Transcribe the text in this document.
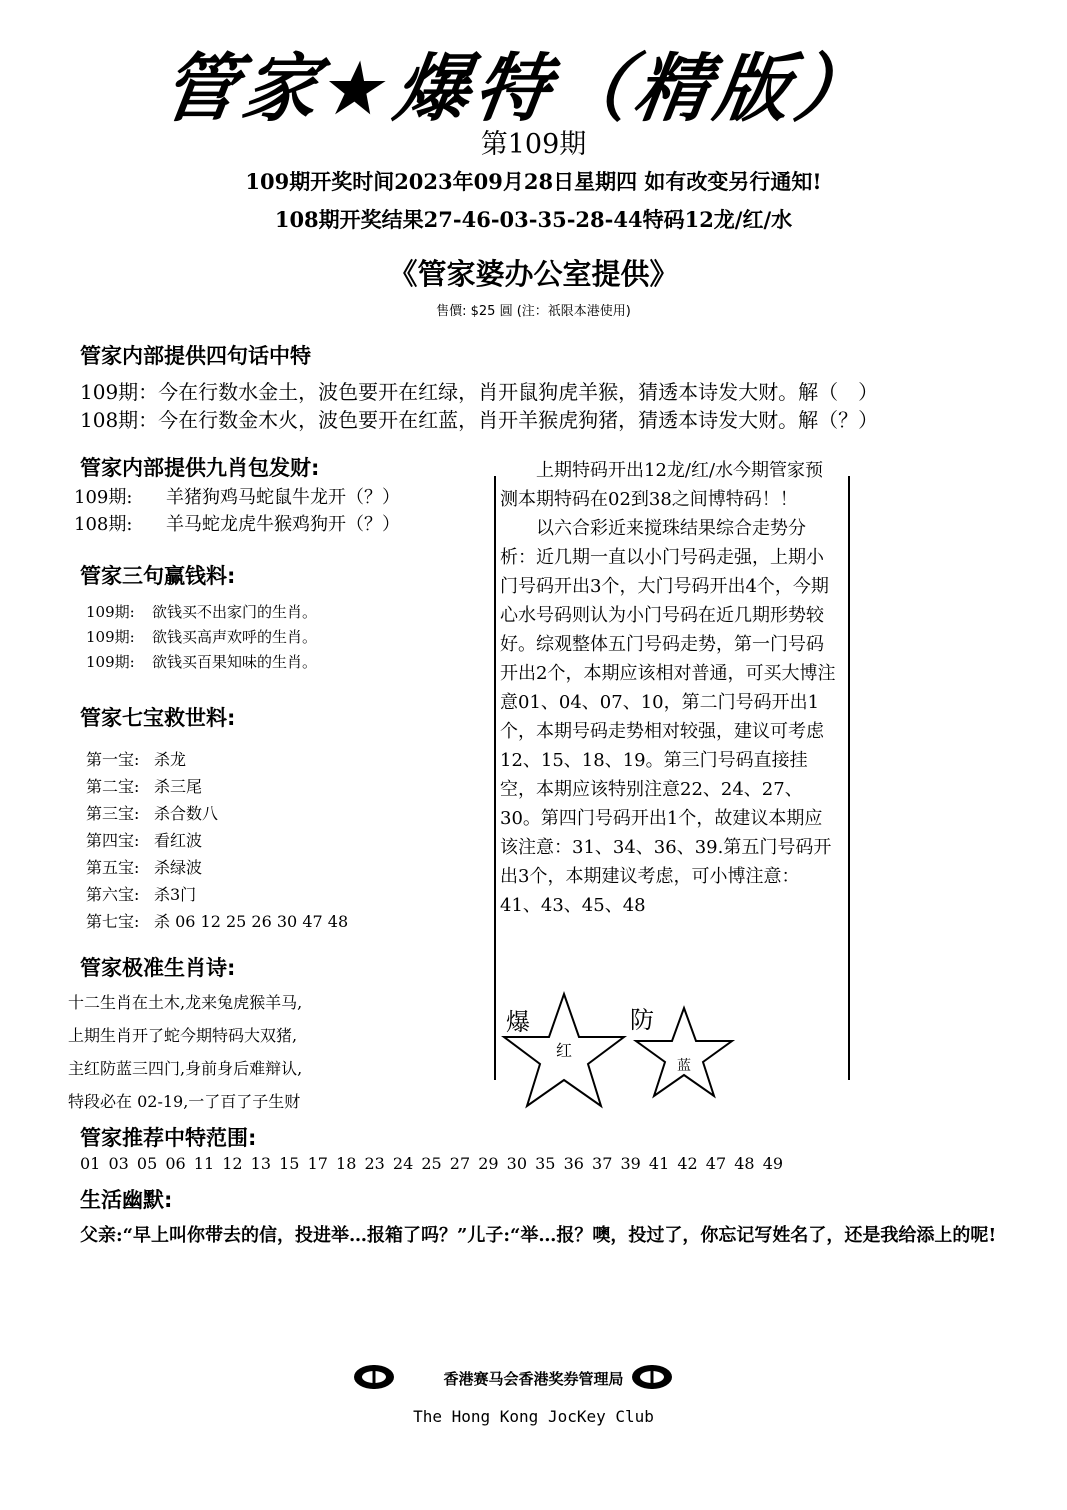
管家★爆特（精版）
第109期
109期开奖时间2023年09月28日星期四 如有改变另行通知!
108期开奖结果27-46-03-35-28-44特码12龙/红/水
《管家婆办公室提供》
售價: $25 圓 (注：祇限本港使用)
管家内部提供四句话中特
109期：今在行数水金土，波色要开在红绿，肖开鼠狗虎羊猴，猜透本诗发大财。解（　）
108期：今在行数金木火，波色要开在红蓝，肖开羊猴虎狗猪，猜透本诗发大财。解（？）
管家内部提供九肖包发财:
109期: 羊猪狗鸡马蛇鼠牛龙开（？）
108期: 羊马蛇龙虎牛猴鸡狗开（？）
管家三句赢钱料:
109期: 欲钱买不出家门的生肖。
109期: 欲钱买高声欢呼的生肖。
109期: 欲钱买百果知味的生肖。
管家七宝救世料:
第一宝: 杀龙
第二宝: 杀三尾
第三宝: 杀合数八
第四宝: 看红波
第五宝: 杀绿波
第六宝: 杀3门
第七宝: 杀 06 12 25 26 30 47 48
管家极准生肖诗:
十二生肖在土木,龙来兔虎猴羊马,
上期生肖开了蛇今期特码大双猪,
主红防蓝三四门,身前身后难辩认,
特段必在 02-19,一了百了子生财

上期特码开出12龙/红/水今期管家预测本期特码在02到38之间博特码！！

以六合彩近来搅珠结果综合走势分析：近几期一直以小门号码走强，上期小门号码开出3个，大门号码开出4个，今期心水号码则认为小门号码在近几期形势较好。综观整体五门号码走势，第一门号码开出2个，本期应该相对普通，可买大博注意01、04、07、10，第二门号码开出1个，本期号码走势相对较强，建议可考虑12、15、18、19。第三门号码直接挂空，本期应该特别注意22、24、27、30。第四门号码开出1个，故建议本期应该注意：31、34、36、39.第五门号码开出3个，本期建议考虑，可小博注意：41、43、45、48

爆	防
红
蓝
管家推荐中特范围:
01 03 05 06 11 12 13 15 17 18 23 24 25 27 29 30 35 36 37 39 41 42 47 48 49
生活幽默:
父亲:“早上叫你带去的信，投进举…报箱了吗？”儿子:“举…报？噢，投过了，你忘记写姓名了，还是我给添上的呢!
香港赛马会香港奖券管理局
The Hong Kong JocKey Club
